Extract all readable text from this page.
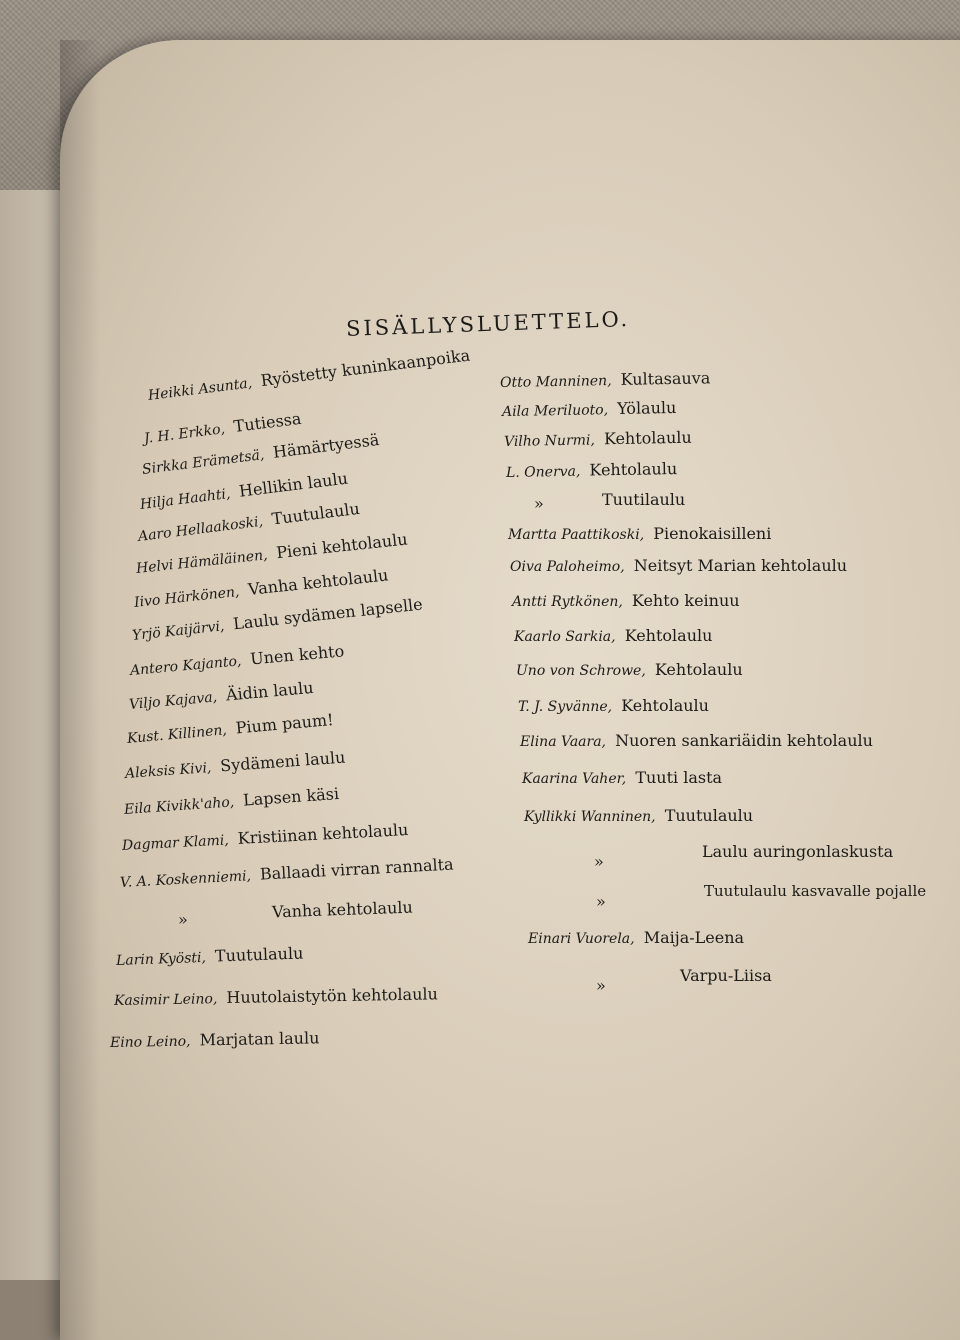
SISÄLLYSLUETTELO.
Heikki Asunta, Ryöstetty kuninkaanpoika
J. H. Erkko, Tutiessa
Sirkka Erämetsä, Hämärtyessä
Hilja Haahti, Hellikin laulu
Aaro Hellaakoski, Tuutulaulu
Helvi Hämäläinen, Pieni kehtolaulu
Iivo Härkönen, Vanha kehtolaulu
Yrjö Kaijärvi, Laulu sydämen lapselle
Antero Kajanto, Unen kehto
Viljo Kajava, Äidin laulu
Kust. Killinen, Pium paum!
Aleksis Kivi, Sydämeni laulu
Eila Kivikk'aho, Lapsen käsi
Dagmar Klami, Kristiinan kehtolaulu
V. A. Koskenniemi, Ballaadi virran rannalta
»	Vanha kehtolaulu
Larin Kyösti, Tuutulaulu
Kasimir Leino, Huutolaistytön kehtolaulu
Eino Leino, Marjatan laulu
Otto Manninen, Kultasauva
Aila Meriluoto, Yölaulu
Vilho Nurmi, Kehtolaulu
L. Onerva, Kehtolaulu
»	Tuutilaulu
Martta Paattikoski, Pienokaisilleni
Oiva Paloheimo, Neitsyt Marian kehtolaulu
Antti Rytkönen, Kehto keinuu
Kaarlo Sarkia, Kehtolaulu
Uno von Schrowe, Kehtolaulu
T. J. Syvänne, Kehtolaulu
Elina Vaara, Nuoren sankariäidin kehtolaulu
Kaarina Vaher, Tuuti lasta
Kyllikki Wanninen, Tuutulaulu
»
Laulu auringonlaskusta
»
Tuutulaulu kasvavalle pojalle
Einari Vuorela, Maija-Leena
»
Varpu-Liisa
